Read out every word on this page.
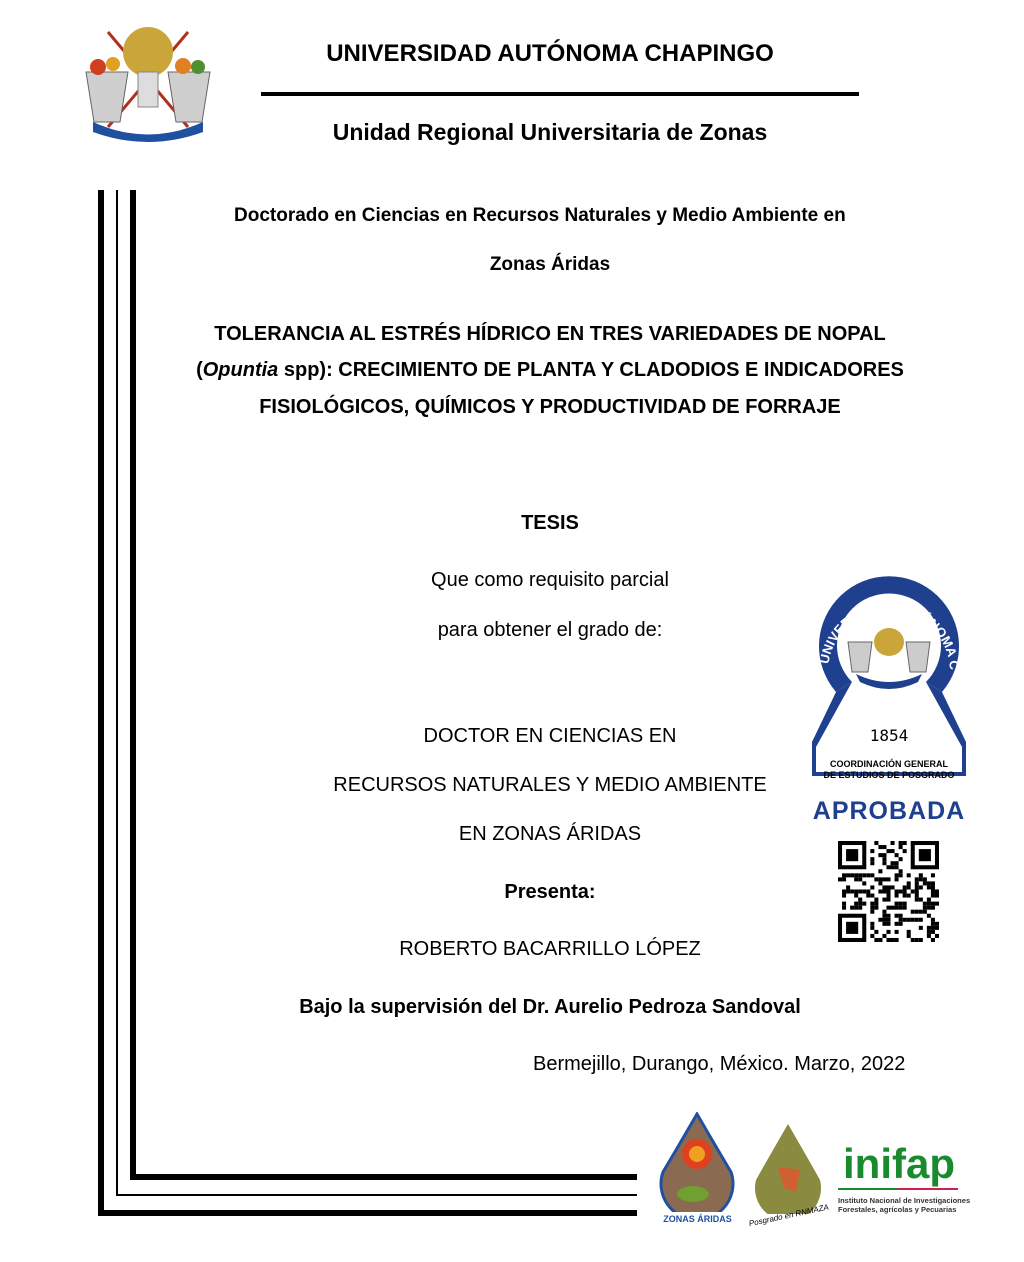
UNIVERSIDAD AUTÓNOMA CHAPINGO
Unidad Regional Universitaria de Zonas
Doctorado en Ciencias en Recursos Naturales y Medio Ambiente en
Zonas Áridas
TOLERANCIA AL ESTRÉS HÍDRICO EN TRES VARIEDADES DE NOPAL
(Opuntia spp): CRECIMIENTO DE PLANTA Y CLADODIOS E INDICADORES
FISIOLÓGICOS, QUÍMICOS Y PRODUCTIVIDAD DE FORRAJE
TESIS
Que como requisito parcial
para obtener el grado de:
DOCTOR EN CIENCIAS EN
RECURSOS NATURALES Y MEDIO AMBIENTE
EN ZONAS ÁRIDAS
Presenta:
ROBERTO BACARRILLO LÓPEZ
Bajo la supervisión del Dr. Aurelio Pedroza Sandoval
Bermejillo, Durango, México. Marzo, 2022
UNIVERSIDAD AUTÓNOMA C
1854
COORDINACIÓN GENERAL
DE ESTUDIOS DE POSGRADO
APROBADA
ZONAS ÁRIDAS	Posgrado en RNMAZA
inifap
Instituto Nacional de Investigaciones
Forestales, agrícolas y Pecuarias
